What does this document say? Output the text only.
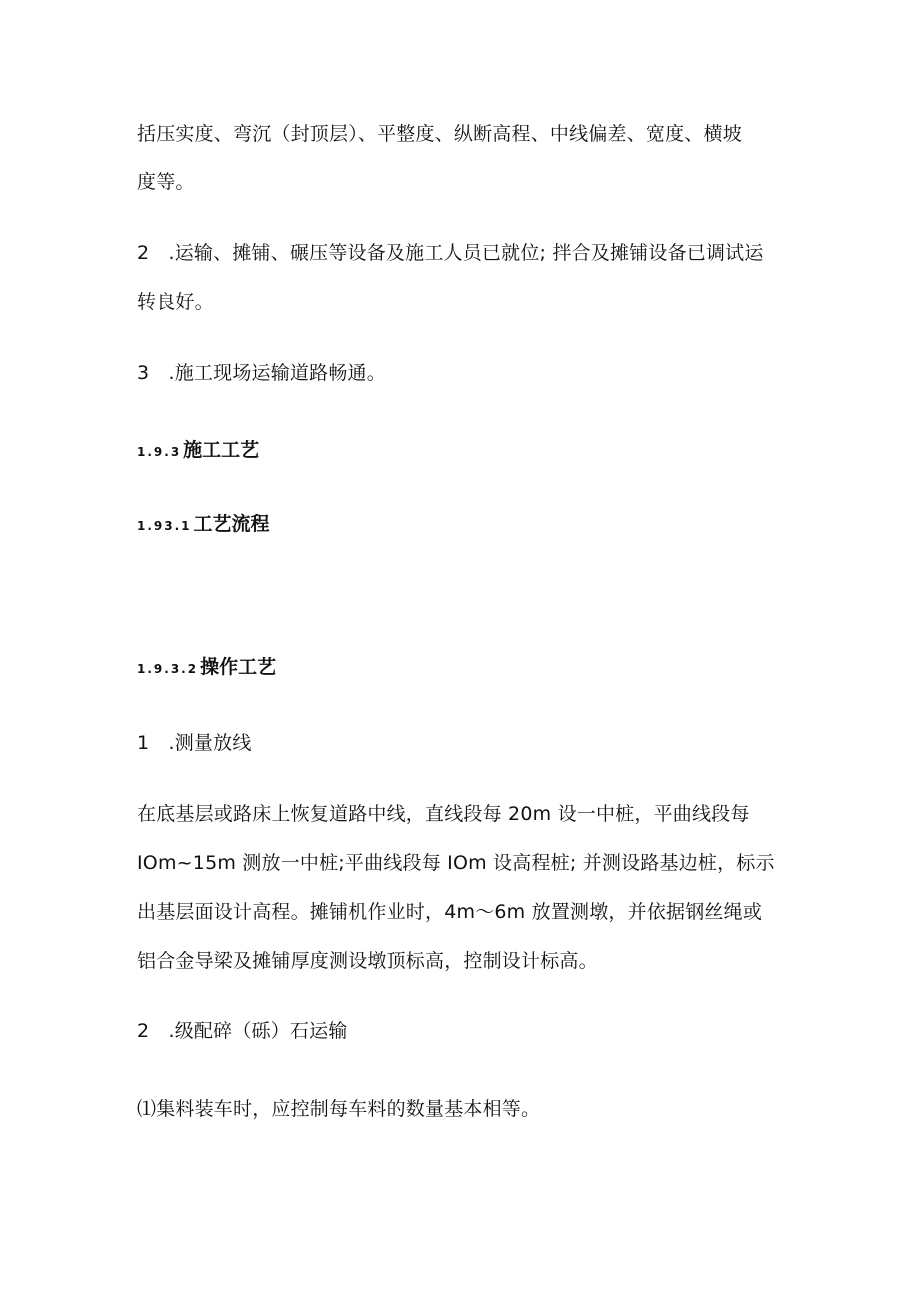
括压实度、弯沉（封顶层）、平整度、纵断高程、中线偏差、宽度、横坡
度等。
2　.运输、摊铺、碾压等设备及施工人员已就位; 拌合及摊铺设备已调试运
转良好。
3　.施工现场运输道路畅通。
1.9.3 施工工艺
1.93.1 工艺流程
1.9.3.2 操作工艺
1　.测量放线
在底基层或路床上恢复道路中线，直线段每 20m 设一中桩，平曲线段每
IOm~15m 测放一中桩;平曲线段每 IOm 设高程桩; 并测设路基边桩，标示
出基层面设计高程。摊铺机作业时，4m～6m 放置测墩，并依据钢丝绳或
铝合金导梁及摊铺厚度测设墩顶标高，控制设计标高。
2　.级配碎（砾）石运输
⑴集料装车时，应控制每车料的数量基本相等。
